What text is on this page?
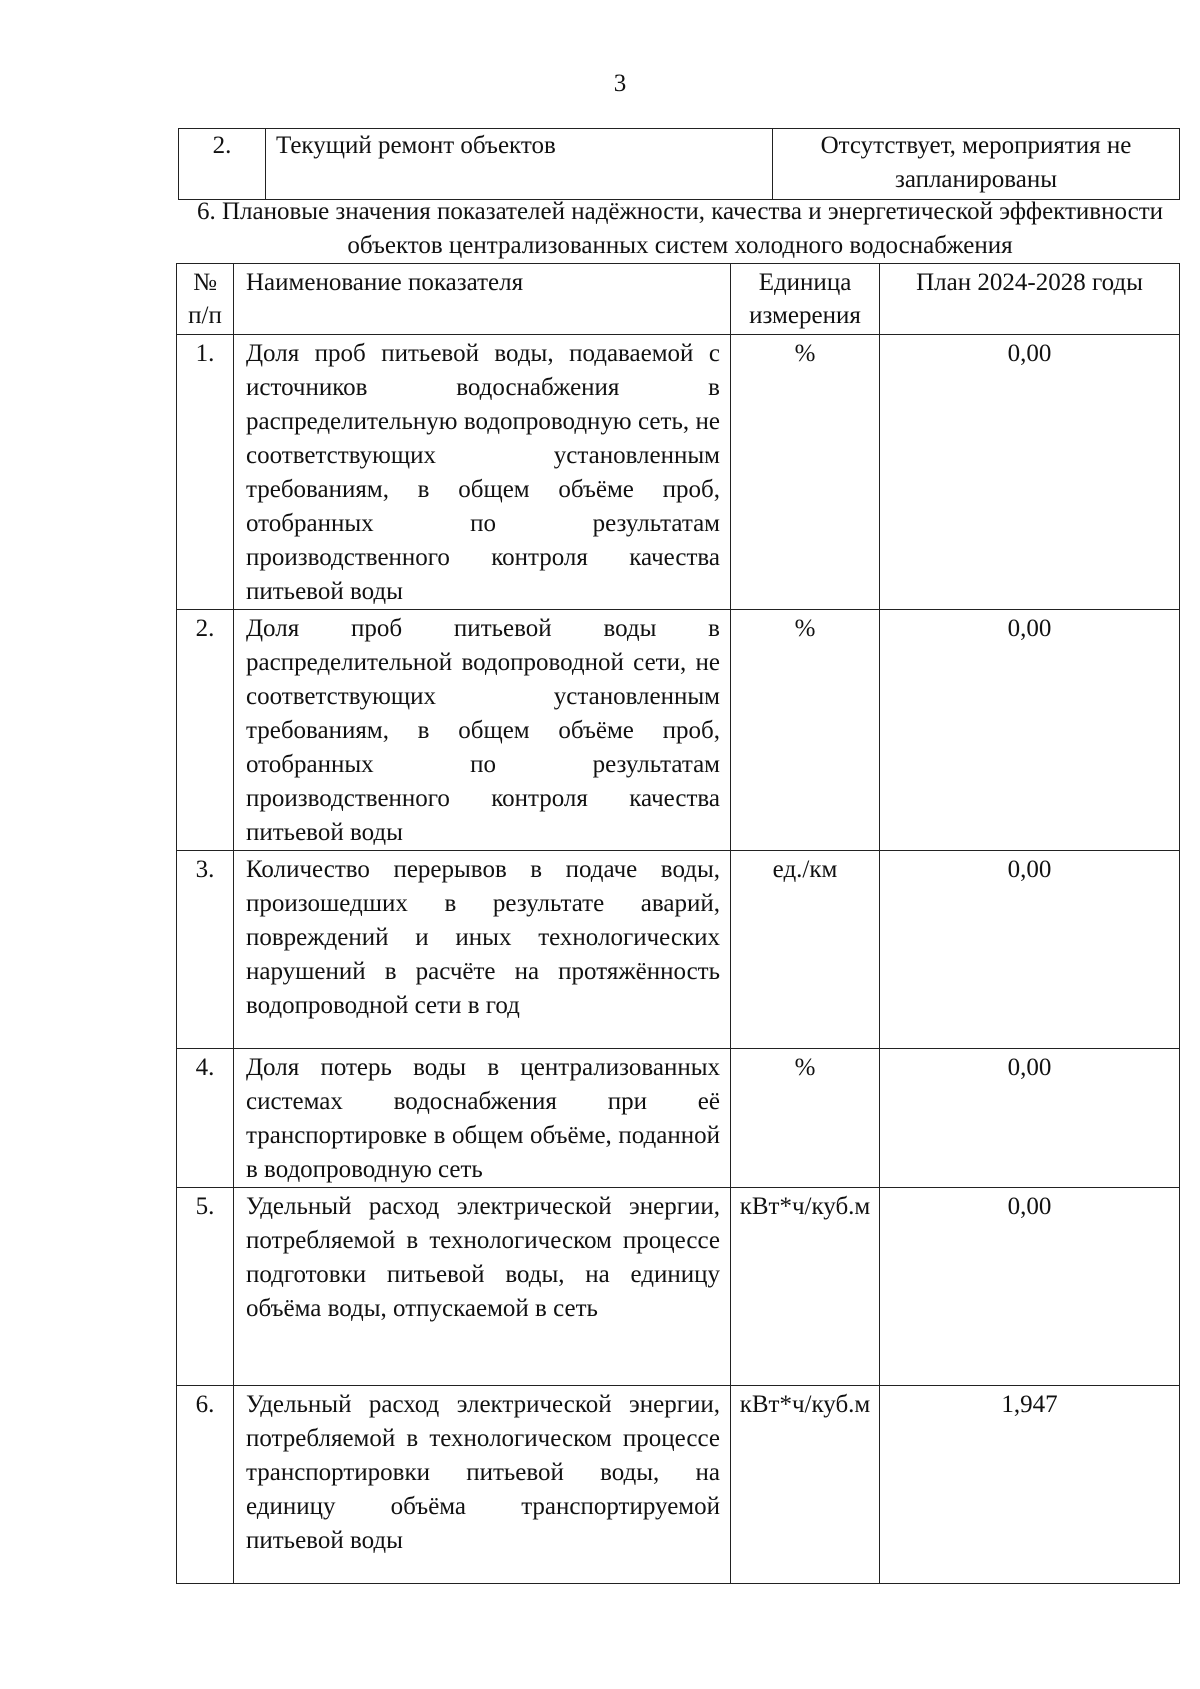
3
2.	Текущий ремонт объектов	Отсутствует, мероприятия не запланированы
6. Плановые значения показателей надёжности, качества и энергетической эффективности объектов централизованных систем холодного водоснабжения
№ п/п	Наименование показателя	Единица измерения	План 2024-2028 годы
1.	Доля проб питьевой воды, подаваемой с источников водоснабжения в распределительную водопроводную сеть, не соответствующих установленным требованиям, в общем объёме проб, отобранных по результатам производственного контроля качества питьевой воды	%	0,00
2.	Доля проб питьевой воды в распределительной водопроводной сети, не соответствующих установленным требованиям, в общем объёме проб, отобранных по результатам производственного контроля качества питьевой воды	%	0,00
3.	Количество перерывов в подаче воды, произошедших в результате аварий, повреждений и иных технологических нарушений в расчёте на протяжённость водопроводной сети в год	ед./км	0,00
4.	Доля потерь воды в централизованных системах водоснабжения при её транспортировке в общем объёме, поданной в водопроводную сеть	%	0,00
5.	Удельный расход электрической энергии, потребляемой в технологическом процессе подготовки питьевой воды, на единицу объёма воды, отпускаемой в сеть	кВт*ч/куб.м	0,00
6.	Удельный расход электрической энергии, потребляемой в технологическом процессе транспортировки питьевой воды, на единицу объёма транспортируемой питьевой воды	кВт*ч/куб.м	1,947
